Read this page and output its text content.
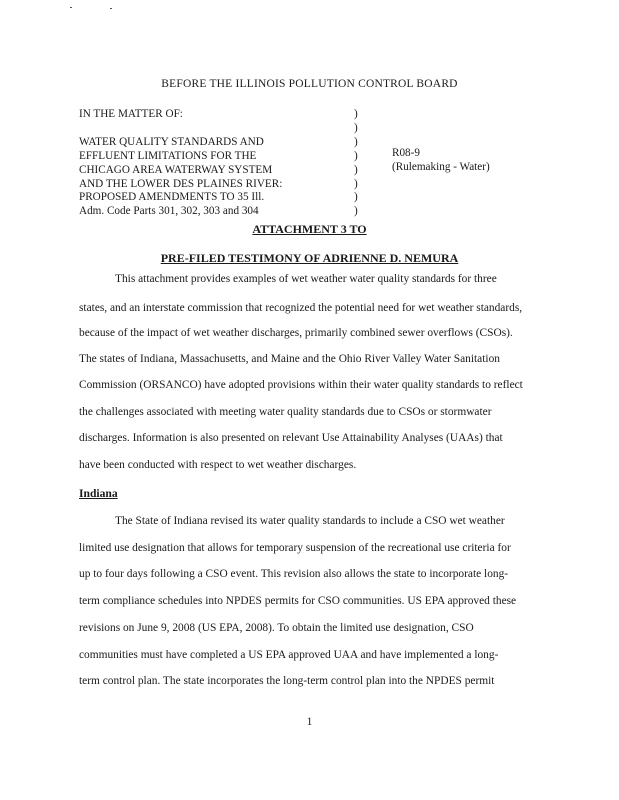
BEFORE THE ILLINOIS POLLUTION CONTROL BOARD
IN THE MATTER OF:
WATER QUALITY STANDARDS AND
EFFLUENT LIMITATIONS FOR THE
CHICAGO AREA WATERWAY SYSTEM
AND THE LOWER DES PLAINES RIVER:
PROPOSED AMENDMENTS TO 35 Ill.
Adm. Code Parts 301, 302, 303 and 304
)
)
)
)
)
)
)
)
R08-9
(Rulemaking - Water)
ATTACHMENT 3 TO
PRE-FILED TESTIMONY OF ADRIENNE D. NEMURA
This attachment provides examples of wet weather water quality standards for three
states, and an interstate commission that recognized the potential need for wet weather standards,
because of the impact of wet weather discharges, primarily combined sewer overflows (CSOs).
The states of Indiana, Massachusetts, and Maine and the Ohio River Valley Water Sanitation
Commission (ORSANCO) have adopted provisions within their water quality standards to reflect
the challenges associated with meeting water quality standards due to CSOs or stormwater
discharges. Information is also presented on relevant Use Attainability Analyses (UAAs) that
have been conducted with respect to wet weather discharges.
Indiana
The State of Indiana revised its water quality standards to include a CSO wet weather
limited use designation that allows for temporary suspension of the recreational use criteria for
up to four days following a CSO event. This revision also allows the state to incorporate long-
term compliance schedules into NPDES permits for CSO communities. US EPA approved these
revisions on June 9, 2008 (US EPA, 2008). To obtain the limited use designation, CSO
communities must have completed a US EPA approved UAA and have implemented a long-
term control plan. The state incorporates the long-term control plan into the NPDES permit
1
